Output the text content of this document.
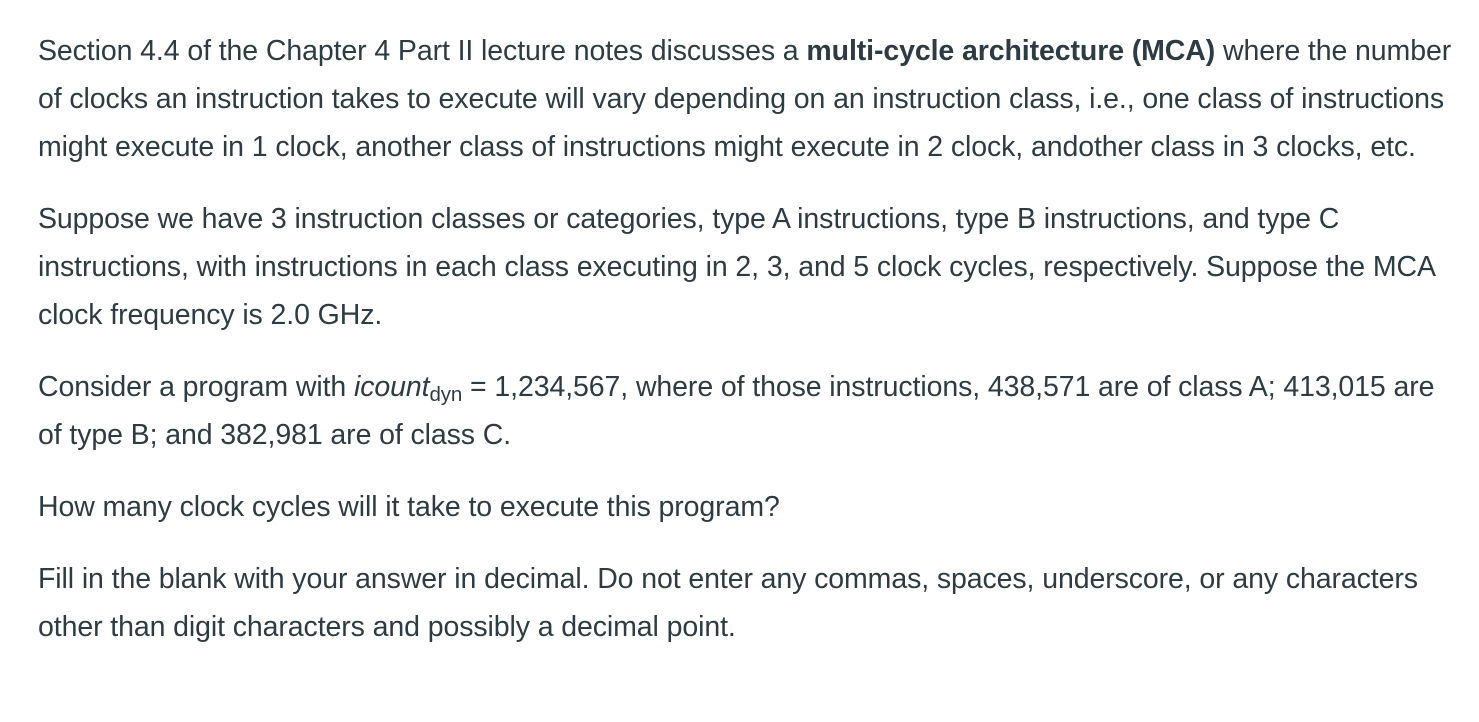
Section 4.4 of the Chapter 4 Part II lecture notes discusses a multi-cycle architecture (MCA) where the number of clocks an instruction takes to execute will vary depending on an instruction class, i.e., one class of instructions might execute in 1 clock, another class of instructions might execute in 2 clock, andother class in 3 clocks, etc.

Suppose we have 3 instruction classes or categories, type A instructions, type B instructions, and type C instructions, with instructions in each class executing in 2, 3, and 5 clock cycles, respectively. Suppose the MCA clock frequency is 2.0 GHz.

Consider a program with icount$_{dyn}$ = 1,234,567, where of those instructions, 438,571 are of class A; 413,015 are of type B; and 382,981 are of class C.

How many clock cycles will it take to execute this program?

Fill in the blank with your answer in decimal. Do not enter any commas, spaces, underscore, or any characters other than digit characters and possibly a decimal point.
